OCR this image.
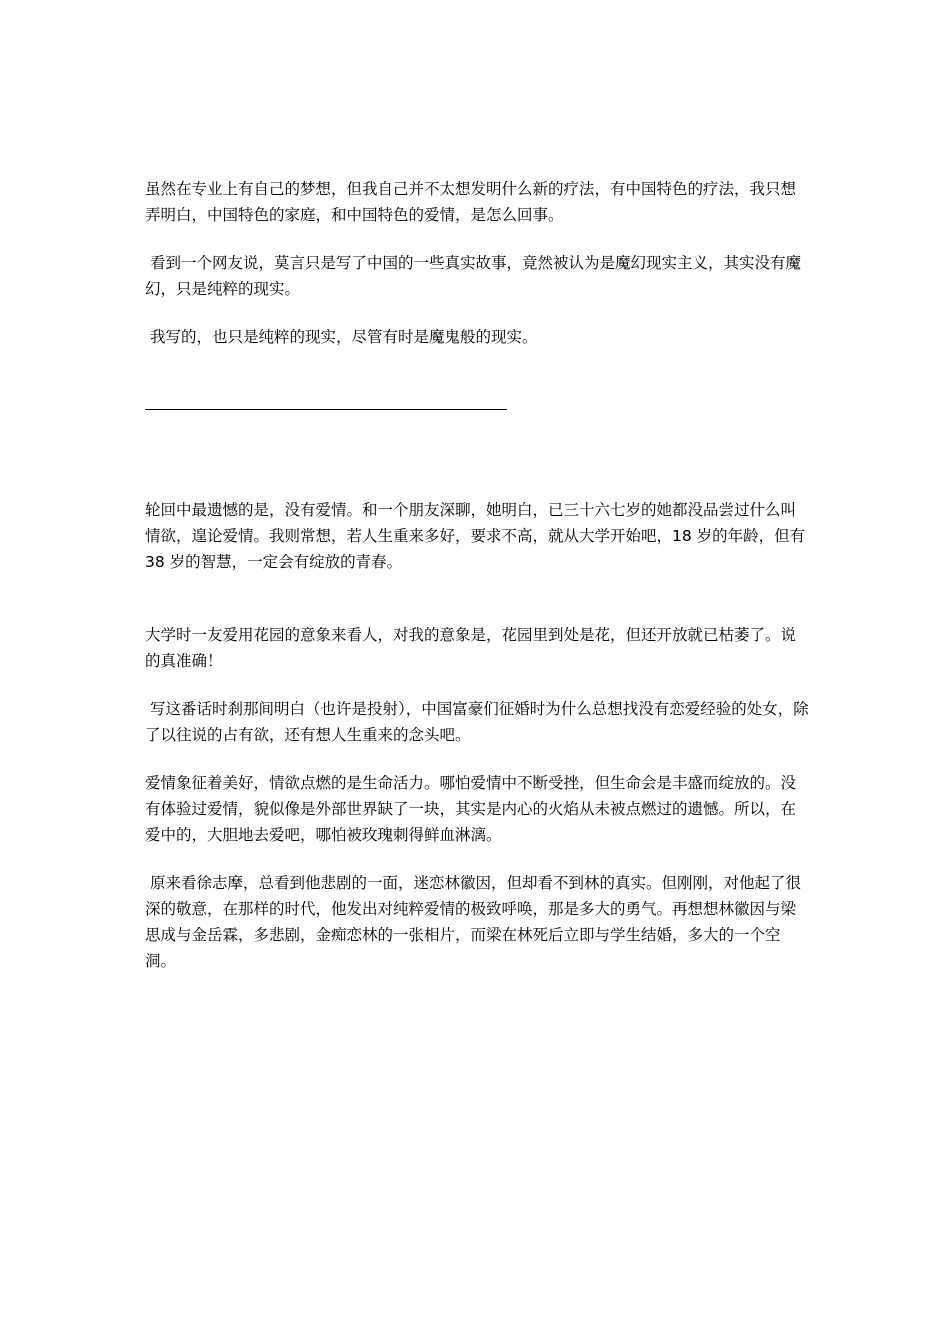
虽然在专业上有自己的梦想，但我自己并不太想发明什么新的疗法，有中国特色的疗法，我只想弄明白，中国特色的家庭，和中国特色的爱情，是怎么回事。

看到一个网友说，莫言只是写了中国的一些真实故事，竟然被认为是魔幻现实主义，其实没有魔幻，只是纯粹的现实。

我写的，也只是纯粹的现实，尽管有时是魔鬼般的现实。

轮回中最遗憾的是，没有爱情。和一个朋友深聊，她明白，已三十六七岁的她都没品尝过什么叫情欲，遑论爱情。我则常想，若人生重来多好，要求不高，就从大学开始吧，18 岁的年龄，但有 38 岁的智慧，一定会有绽放的青春。

大学时一友爱用花园的意象来看人，对我的意象是，花园里到处是花，但还开放就已枯萎了。说的真准确！

写这番话时刹那间明白（也许是投射），中国富豪们征婚时为什么总想找没有恋爱经验的处女，除了以往说的占有欲，还有想人生重来的念头吧。

爱情象征着美好，情欲点燃的是生命活力。哪怕爱情中不断受挫，但生命会是丰盛而绽放的。没有体验过爱情，貌似像是外部世界缺了一块，其实是内心的火焰从未被点燃过的遗憾。所以，在爱中的，大胆地去爱吧，哪怕被玫瑰刺得鲜血淋漓。

原来看徐志摩，总看到他悲剧的一面，迷恋林徽因，但却看不到林的真实。但刚刚，对他起了很深的敬意，在那样的时代，他发出对纯粹爱情的极致呼唤，那是多大的勇气。再想想林徽因与梁思成与金岳霖，多悲剧，金痴恋林的一张相片，而梁在林死后立即与学生结婚，多大的一个空洞。
